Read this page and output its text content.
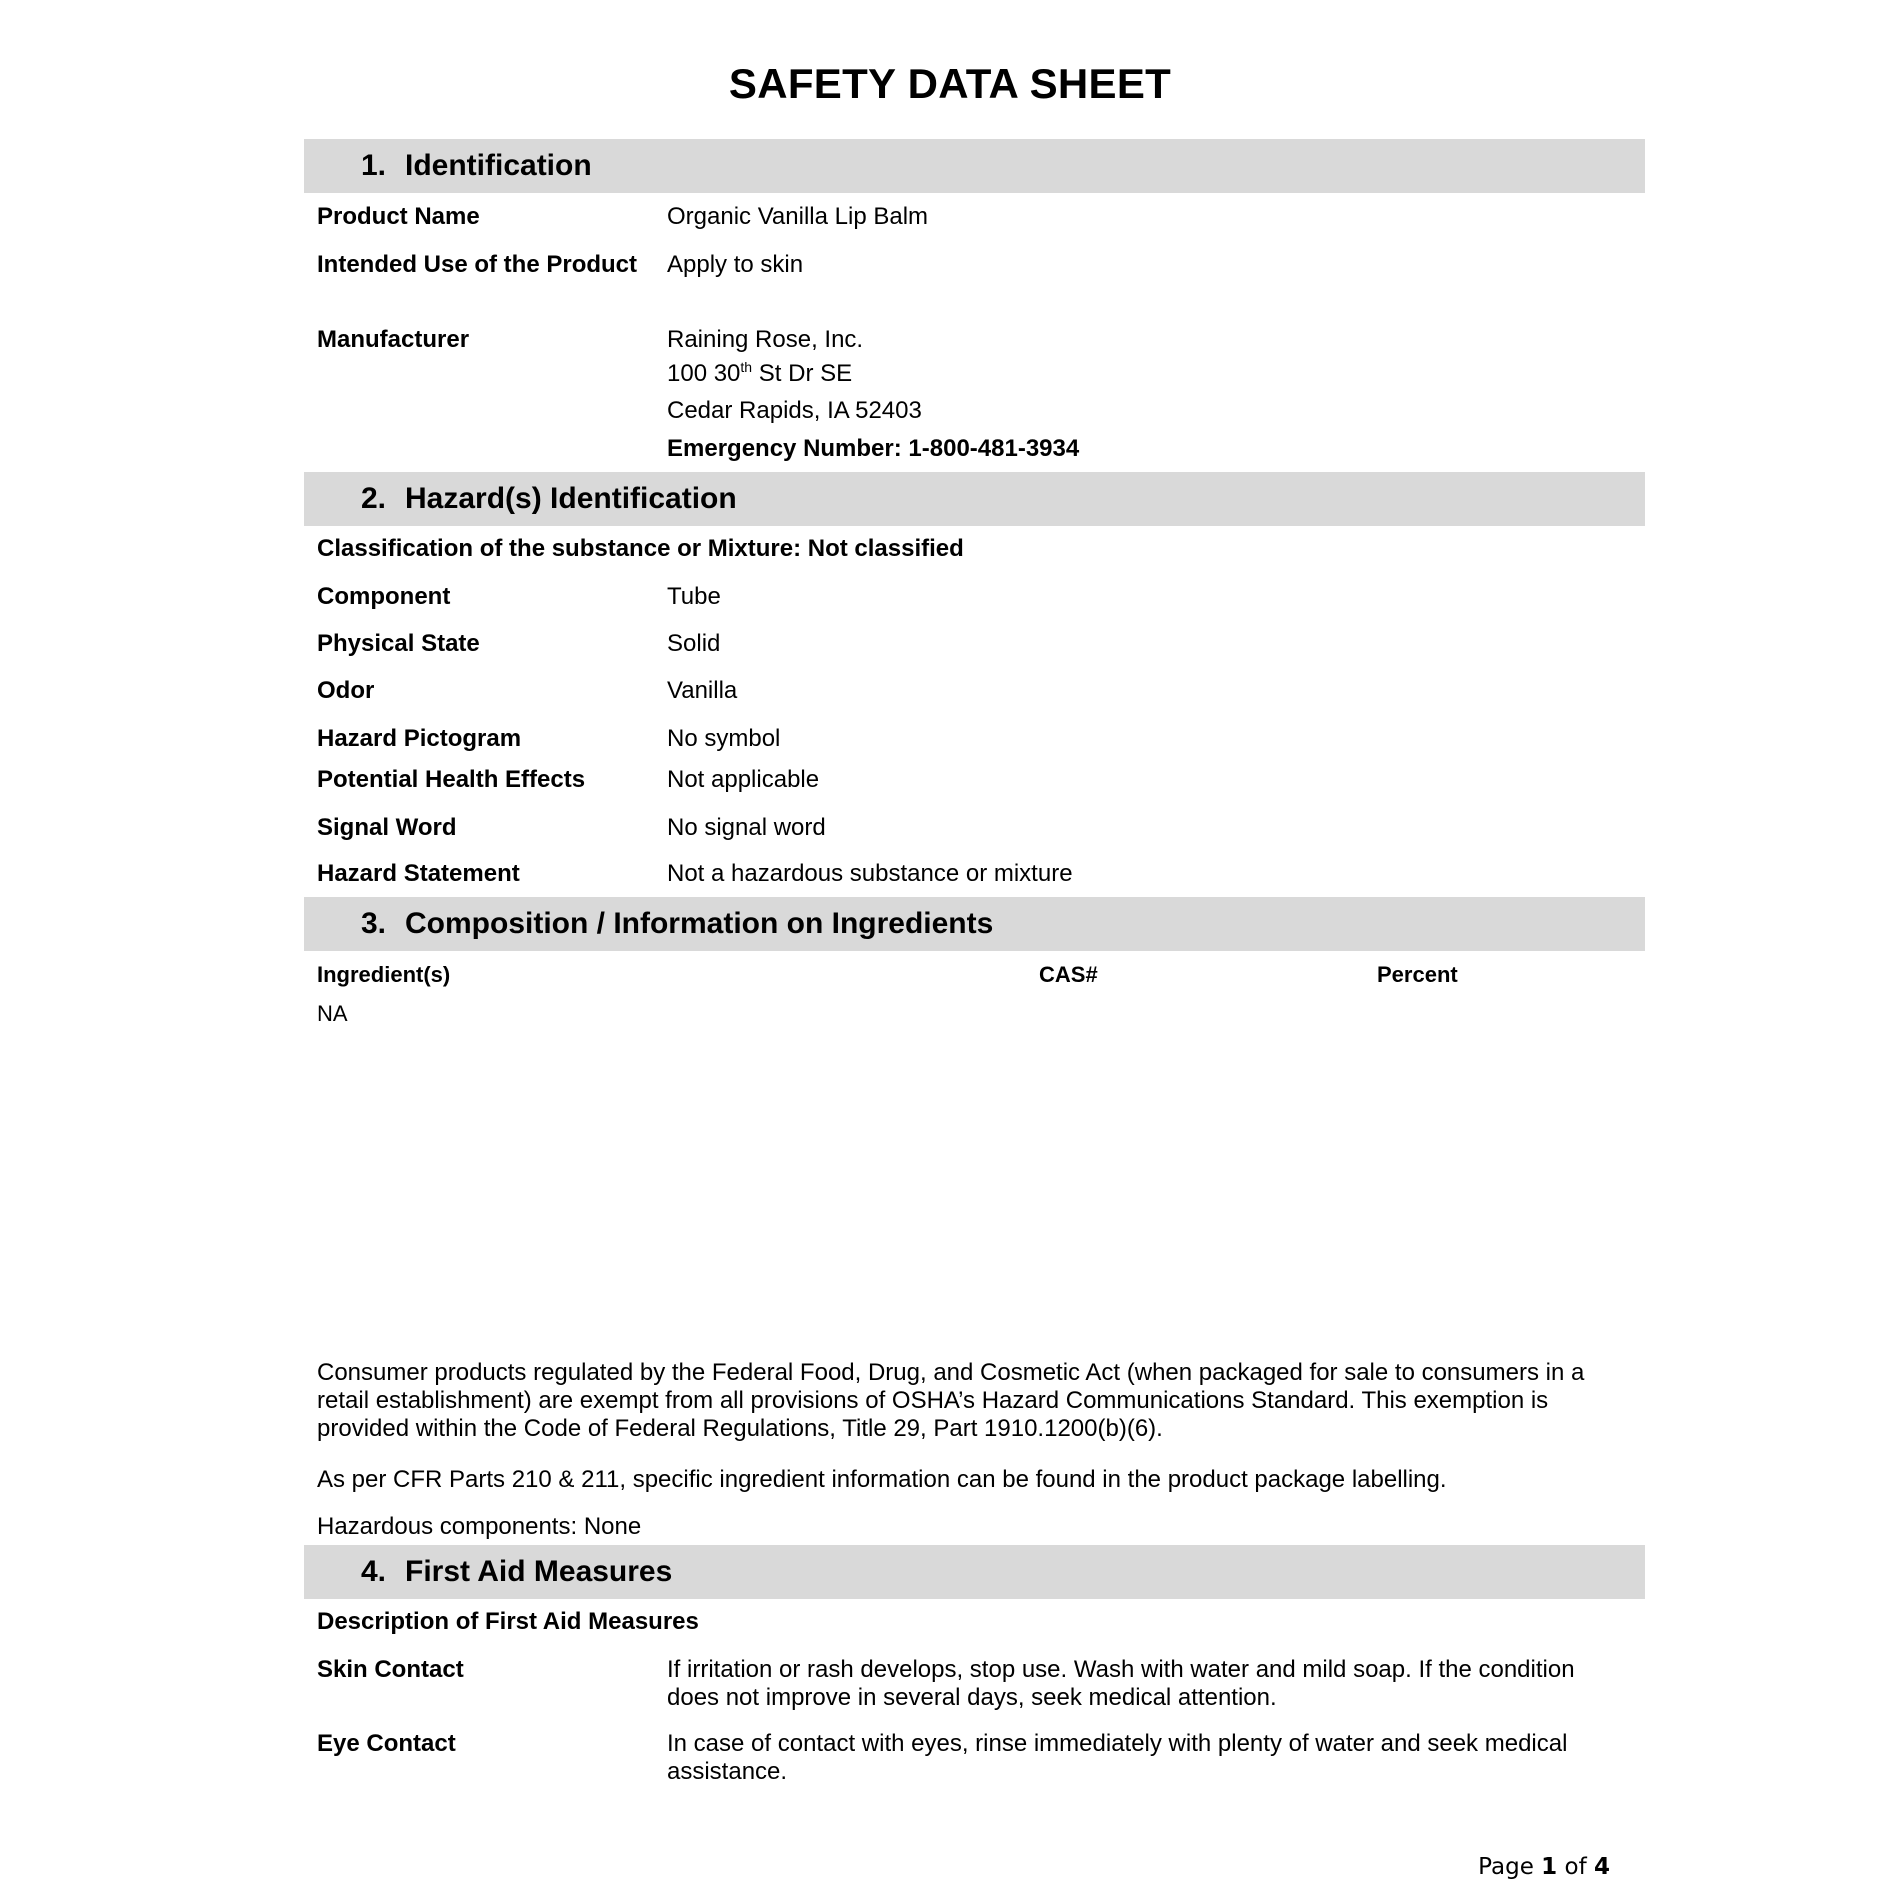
SAFETY DATA SHEET
1. Identification
Product Name	Organic Vanilla Lip Balm
Intended Use of the Product Apply to skin
Manufacturer	Raining Rose, Inc.
100 30th St Dr SE
Cedar Rapids, IA 52403
Emergency Number: 1-800-481-3934
2. Hazard(s) Identification
Classification of the substance or Mixture: Not classified
Component	Tube
Physical State	Solid
Odor	Vanilla
Hazard Pictogram	No symbol
Potential Health Effects	Not applicable
Signal Word	No signal word
Hazard Statement	Not a hazardous substance or mixture
3. Composition / Information on Ingredients
Ingredient(s)	CAS#	Percent
NA
Consumer products regulated by the Federal Food, Drug, and Cosmetic Act (when packaged for sale to consumers in a retail establishment) are exempt from all provisions of OSHA’s Hazard Communications Standard. This exemption is provided within the Code of Federal Regulations, Title 29, Part 1910.1200(b)(6).
As per CFR Parts 210 & 211, specific ingredient information can be found in the product package labelling.
Hazardous components: None
4. First Aid Measures
Description of First Aid Measures
Skin Contact	If irritation or rash develops, stop use. Wash with water and mild soap. If the condition does not improve in several days, seek medical attention.
Eye Contact	In case of contact with eyes, rinse immediately with plenty of water and seek medical assistance.
Page 1 of 4
